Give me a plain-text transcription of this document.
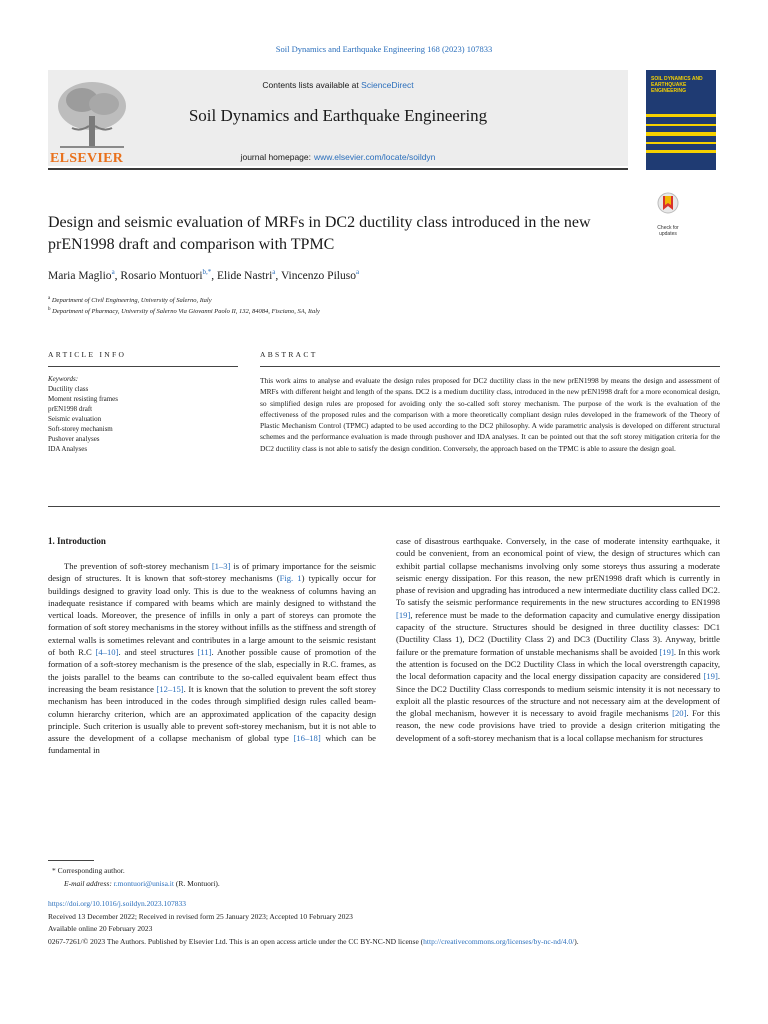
Soil Dynamics and Earthquake Engineering 168 (2023) 107833
ELSEVIER
Contents lists available at ScienceDirect
Soil Dynamics and Earthquake Engineering
journal homepage: www.elsevier.com/locate/soildyn
SOIL DYNAMICS AND EARTHQUAKE ENGINEERING
Check for updates
Design and seismic evaluation of MRFs in DC2 ductility class introduced in the new prEN1998 draft and comparison with TPMC
Maria Maglio$^a$, Rosario Montuori$^{b,*}$, Elide Nastri$^a$, Vincenzo Piluso$^a$
$^a$ Department of Civil Engineering, University of Salerno, Italy
$^b$ Department of Pharmacy, University of Salerno Via Giovanni Paolo II, 132, 84084, Fisciano, SA, Italy
ARTICLE INFO	ABSTRACT
Keywords:
Ductility class
Moment resisting frames
prEN1998 draft
Seismic evaluation
Soft-storey mechanism
Pushover analyses
IDA Analyses
This work aims to analyse and evaluate the design rules proposed for DC2 ductility class in the new prEN1998 by means the design and assessment of MRFs with different height and length of the spans. DC2 is a medium ductility class, introduced in the new prEN1998 draft for a more economical design, so simplified design rules are proposed for avoiding only the so-called soft storey mechanism. The purpose of the work is the evaluation of the effectiveness of the proposed rules and the comparison with a more theoretically compliant design rules developed in the framework of the Theory of Plastic Mechanism Control (TPMC) adapted to be used according to the DC2 philosophy. A wide parametric analysis is developed on different structural schemes and the performance evaluation is made through pushover and IDA analyses. It can be pointed out that the soft storey mitigation criteria for the DC2 ductility class is not able to satisfy the design condition. Conversely, the approach based on the TPMC is able to assure the design goal.
1. Introduction
The prevention of soft-storey mechanism [1–3] is of primary importance for the seismic design of structures. It is known that soft-storey mechanisms (Fig. 1) typically occur for buildings designed to gravity load only. This is due to the weakness of columns having an inadequate resistance if compared with beams which are mainly designed to withstand the vertical loads. Moreover, the presence of infills in only a part of storeys can promote the formation of soft storey mechanisms in the storey without infills as the stiffness and strength of external walls is sometimes relevant and contributes in a large amount to the seismic resistant of both R.C [4–10]. and steel structures [11]. Another possible cause of promotion of the formation of a soft-storey mechanism is the presence of the slab, especially in R.C. frames, as the joists parallel to the beams can contribute to the so-called equivalent beam effect thus increasing the beam resistance [12–15]. It is known that the solution to prevent the soft storey mechanism has been introduced in the codes through simplified design rules called beam-column hierarchy criterion, which are an approximated application of the capacity design principle. Such criterion is usually able to prevent soft-storey mechanism, but it is not able to assure the development of a collapse mechanism of global type [16–18] which can be fundamental in
case of disastrous earthquake. Conversely, in the case of moderate intensity earthquake, it could be convenient, from an economical point of view, the design of structures which can exhibit partial collapse mechanisms involving only some storeys thus assuring a moderate seismic energy dissipation. For this reason, the new prEN1998 draft which is currently in phase of revision and upgrading has introduced a new intermediate ductility class called DC2. To satisfy the seismic performance requirements in the new structures according to EN1998 [19], reference must be made to the deformation capacity and cumulative energy dissipation capacity of the structure. Structures should be designed in three ductility classes: DC1 (Ductility Class 1), DC2 (Ductility Class 2) and DC3 (Ductility Class 3). Anyway, brittle failure or the premature formation of unstable mechanisms shall be avoided [19]. In this work the attention is focused on the DC2 Ductility Class in which the local overstrength capacity, the local deformation capacity and the local energy dissipation capacity are considered [19]. Since the DC2 Ductility Class corresponds to medium seismic intensity it is not necessary to exploit all the plastic resources of the structure and not necessary aim at the development of the global mechanism, however it is necessary to avoid fragile mechanisms [20]. For this reason, the new code provisions have tried to provide a design criterion mitigating the development of a soft-storey mechanism that is a local collapse mechanism for structures
* Corresponding author.
E-mail address: r.montuori@unisa.it (R. Montuori).
https://doi.org/10.1016/j.soildyn.2023.107833
Received 13 December 2022; Received in revised form 25 January 2023; Accepted 10 February 2023
Available online 20 February 2023
0267-7261/© 2023 The Authors. Published by Elsevier Ltd. This is an open access article under the CC BY-NC-ND license (http://creativecommons.org/licenses/by-nc-nd/4.0/).
